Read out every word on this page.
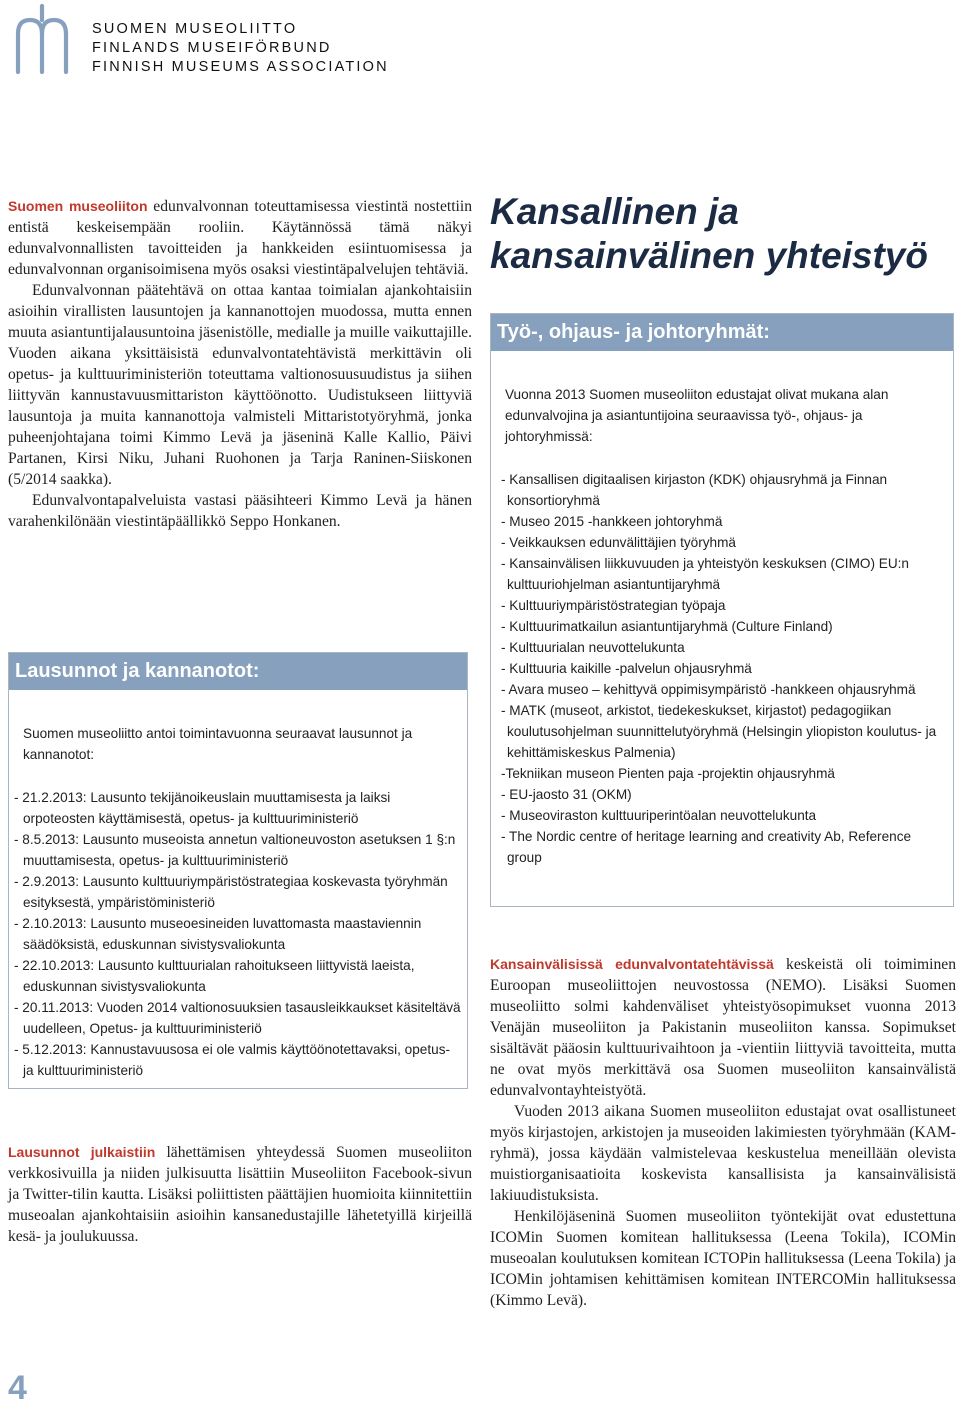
SUOMEN MUSEOLIITTO
FINLANDS MUSEIFÖRBUND
FINNISH MUSEUMS ASSOCIATION

Suomen museoliiton edunvalvonnan toteuttamisessa viestintä nostettiin entistä keskeisempään rooliin. Käytännössä tämä näkyi edunvalvonnallisten tavoitteiden ja hankkeiden esiintuomisessa ja edunvalvonnan organisoimisena myös osaksi viestintäpalvelujen tehtäviä.

Edunvalvonnan päätehtävä on ottaa kantaa toimialan ajankohtaisiin asioihin virallisten lausuntojen ja kannanottojen muodossa, mutta ennen muuta asiantuntijalausuntoina jäsenistölle, medialle ja muille vaikuttajille. Vuoden aikana yksittäisistä edunvalvontatehtävistä merkittävin oli opetus- ja kulttuuriministeriön toteuttama valtionosuusuudistus ja siihen liittyvän kannustavuusmittariston käyttöönotto. Uudistukseen liittyviä lausuntoja ja muita kannanottoja valmisteli Mittaristotyöryhmä, jonka puheenjohtajana toimi Kimmo Levä ja jäseninä Kalle Kallio, Päivi Partanen, Kirsi Niku, Juhani Ruohonen ja Tarja Raninen-Siiskonen (5/2014 saakka).

Edunvalvontapalveluista vastasi pääsihteeri Kimmo Levä ja hänen varahenkilönään viestintäpäällikkö Seppo Honkanen.

Lausunnot ja kannanotot:

Suomen museoliitto antoi toimintavuonna seuraavat lausunnot ja kannanotot:

- 21.2.2013: Lausunto tekijänoikeuslain muuttamisesta ja laiksi orpoteosten käyttämisestä, opetus- ja kulttuuriministeriö
- 8.5.2013: Lausunto museoista annetun valtioneuvoston asetuksen 1 §:n muuttamisesta, opetus- ja kulttuuriministeriö
- 2.9.2013: Lausunto kulttuuriympäristöstrategiaa koskevasta työryhmän esityksestä, ympäristöministeriö
- 2.10.2013: Lausunto museoesineiden luvattomasta maastaviennin säädöksistä, eduskunnan sivistysvaliokunta
- 22.10.2013: Lausunto kulttuurialan rahoitukseen liittyvistä laeista, eduskunnan sivistysvaliokunta
- 20.11.2013: Vuoden 2014 valtionosuuksien tasausleikkaukset käsiteltävä uudelleen, Opetus- ja kulttuuriministeriö
- 5.12.2013: Kannustavuusosa ei ole valmis käyttöönotettavaksi, opetus- ja kulttuuriministeriö

Lausunnot julkaistiin lähettämisen yhteydessä Suomen museoliiton verkkosivuilla ja niiden julkisuutta lisättiin Museoliiton Facebook-sivun ja Twitter-tilin kautta. Lisäksi poliittisten päättäjien huomioita kiinnitettiin museoalan ajankohtaisiin asioihin kansanedustajille lähetetyillä kirjeillä kesä- ja joulukuussa.

4
Kansallinen ja
kansainvälinen yhteistyö
Työ-, ohjaus- ja johtoryhmät:

Vuonna 2013 Suomen museoliiton edustajat olivat mukana alan edunvalvojina ja asiantuntijoina seuraavissa työ-, ohjaus- ja johtoryhmissä:

- Kansallisen digitaalisen kirjaston (KDK) ohjausryhmä ja Finnan konsortioryhmä
- Museo 2015 -hankkeen johtoryhmä
- Veikkauksen edunvälittäjien työryhmä
- Kansainvälisen liikkuvuuden ja yhteistyön keskuksen (CIMO) EU:n kulttuuriohjelman asiantuntijaryhmä
- Kulttuuriympäristöstrategian työpaja
- Kulttuurimatkailun asiantuntijaryhmä (Culture Finland)
- Kulttuurialan neuvottelukunta
- Kulttuuria kaikille -palvelun ohjausryhmä
- Avara museo – kehittyvä oppimisympäristö -hankkeen ohjausryhmä
- MATK (museot, arkistot, tiedekeskukset, kirjastot) pedagogiikan koulutusohjelman suunnittelutyöryhmä (Helsingin yliopiston koulutus- ja kehittämiskeskus Palmenia)
-Tekniikan museon Pienten paja -projektin ohjausryhmä
- EU-jaosto 31 (OKM)
- Museoviraston kulttuuriperintöalan neuvottelukunta
- The Nordic centre of heritage learning and creativity Ab, Reference group

Kansainvälisissä edunvalvontatehtävissä keskeistä oli toimiminen Euroopan museoliittojen neuvostossa (NEMO). Lisäksi Suomen museoliitto solmi kahdenväliset yhteistyösopimukset vuonna 2013 Venäjän museoliiton ja Pakistanin museoliiton kanssa. Sopimukset sisältävät pääosin kulttuurivaihtoon ja -vientiin liittyviä tavoitteita, mutta ne ovat myös merkittävä osa Suomen museoliiton kansainvälistä edunvalvontayhteistyötä.

Vuoden 2013 aikana Suomen museoliiton edustajat ovat osallistuneet myös kirjastojen, arkistojen ja museoiden lakimiesten työryhmään (KAM-ryhmä), jossa käydään valmistelevaa keskustelua meneillään olevista muistiorganisaatioita koskevista kansallisista ja kansainvälisistä lakiuudistuksista.

Henkilöjäseninä Suomen museoliiton työntekijät ovat edustettuna ICOMin Suomen komitean hallituksessa (Leena Tokila), ICOMin museoalan koulutuksen komitean ICTOPin hallituksessa (Leena Tokila) ja ICOMin johtamisen kehittämisen komitean INTERCOMin hallituksessa (Kimmo Levä).
